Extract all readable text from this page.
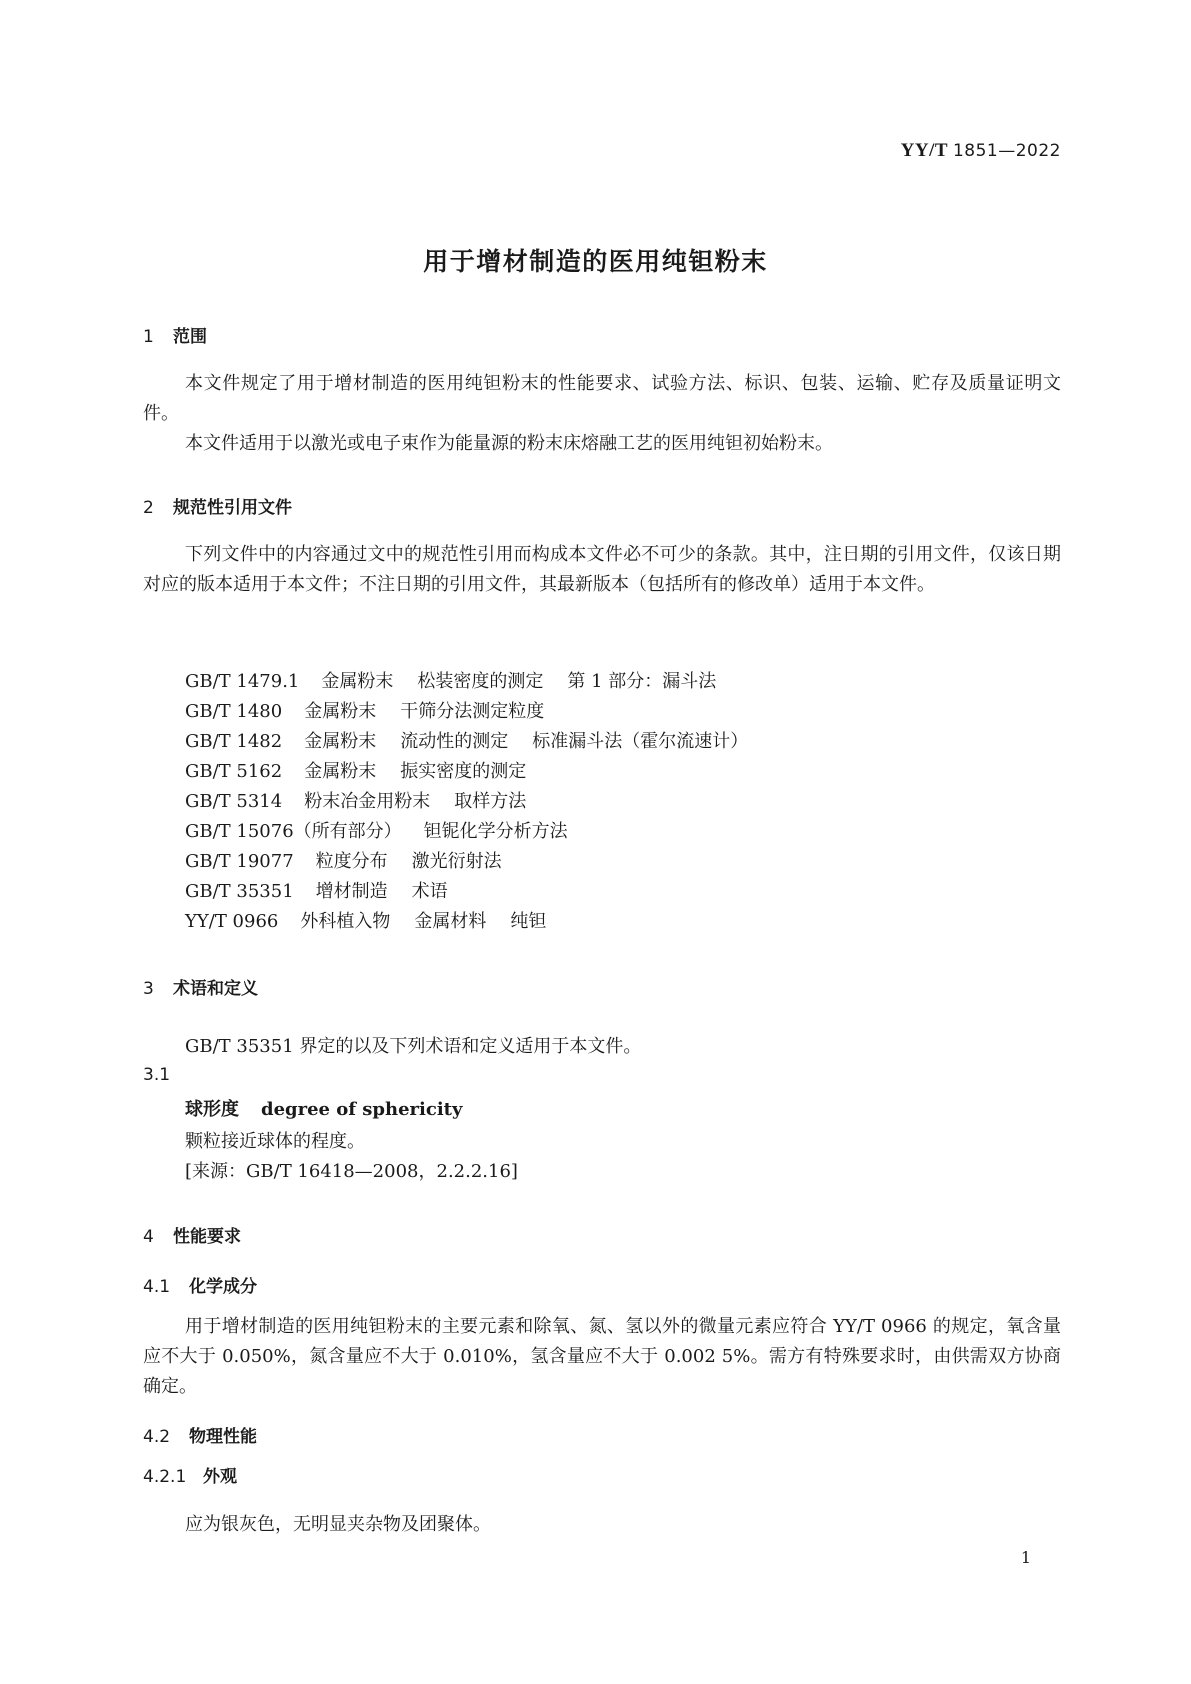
YY/T 1851—2022
用于增材制造的医用纯钽粉末
1 范围
本文件规定了用于增材制造的医用纯钽粉末的性能要求、试验方法、标识、包装、运输、贮存及质量证明文件。
本文件适用于以激光或电子束作为能量源的粉末床熔融工艺的医用纯钽初始粉末。
2 规范性引用文件
下列文件中的内容通过文中的规范性引用而构成本文件必不可少的条款。其中，注日期的引用文件，仅该日期对应的版本适用于本文件；不注日期的引用文件，其最新版本（包括所有的修改单）适用于本文件。
GB/T 1479.1 金属粉末 松装密度的测定 第 1 部分：漏斗法
GB/T 1480 金属粉末 干筛分法测定粒度
GB/T 1482 金属粉末 流动性的测定 标准漏斗法（霍尔流速计）
GB/T 5162 金属粉末 振实密度的测定
GB/T 5314 粉末冶金用粉末 取样方法
GB/T 15076（所有部分） 钽铌化学分析方法
GB/T 19077 粒度分布 激光衍射法
GB/T 35351 增材制造 术语
YY/T 0966 外科植入物 金属材料 纯钽
3 术语和定义
GB/T 35351 界定的以及下列术语和定义适用于本文件。
3.1
球形度 degree of sphericity
颗粒接近球体的程度。
[来源：GB/T 16418—2008，2.2.2.16]
4 性能要求
4.1 化学成分
用于增材制造的医用纯钽粉末的主要元素和除氧、氮、氢以外的微量元素应符合 YY/T 0966 的规定，氧含量应不大于 0.050%，氮含量应不大于 0.010%，氢含量应不大于 0.002 5%。需方有特殊要求时，由供需双方协商确定。
4.2 物理性能
4.2.1 外观
应为银灰色，无明显夹杂物及团聚体。
1
